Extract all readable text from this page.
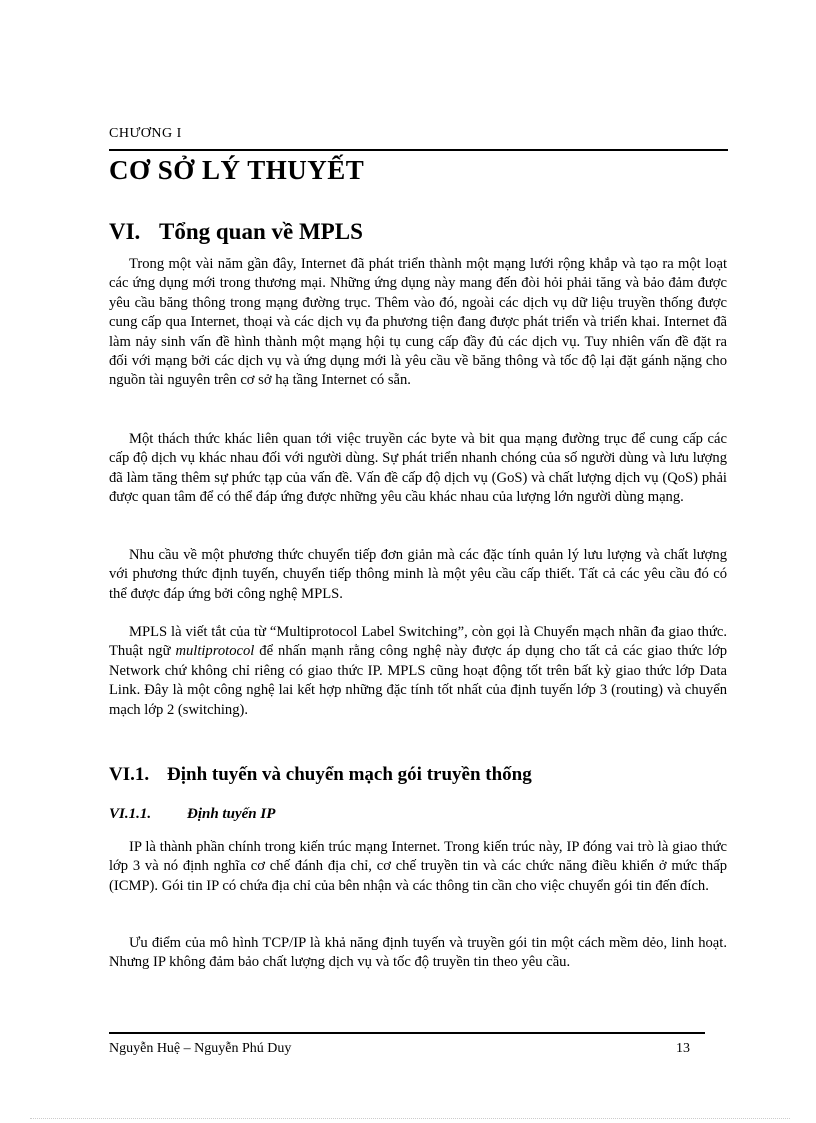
CHƯƠNG I
CƠ SỞ LÝ THUYẾT
VI. Tổng quan về MPLS

Trong một vài năm gần đây, Internet đã phát triển thành một mạng lưới rộng khắp và tạo ra một loạt các ứng dụng mới trong thương mại. Những ứng dụng này mang đến đòi hỏi phải tăng và bảo đảm được yêu cầu băng thông trong mạng đường trục. Thêm vào đó, ngoài các dịch vụ dữ liệu truyền thống được cung cấp qua Internet, thoại và các dịch vụ đa phương tiện đang được phát triển và triển khai. Internet đã làm nảy sinh vấn đề hình thành một mạng hội tụ cung cấp đầy đủ các dịch vụ. Tuy nhiên vấn đề đặt ra đối với mạng bởi các dịch vụ và ứng dụng mới là yêu cầu về băng thông và tốc độ lại đặt gánh nặng cho nguồn tài nguyên trên cơ sở hạ tầng Internet có sẵn.

Một thách thức khác liên quan tới việc truyền các byte và bit qua mạng đường trục để cung cấp các cấp độ dịch vụ khác nhau đối với người dùng. Sự phát triển nhanh chóng của số người dùng và lưu lượng đã làm tăng thêm sự phức tạp của vấn đề. Vấn đề cấp độ dịch vụ (GoS) và chất lượng dịch vụ (QoS) phải được quan tâm để có thể đáp ứng được những yêu cầu khác nhau của lượng lớn người dùng mạng.

Nhu cầu về một phương thức chuyển tiếp đơn giản mà các đặc tính quản lý lưu lượng và chất lượng với phương thức định tuyến, chuyển tiếp thông minh là một yêu cầu cấp thiết. Tất cả các yêu cầu đó có thể được đáp ứng bởi công nghệ MPLS.

MPLS là viết tắt của từ “Multiprotocol Label Switching”, còn gọi là Chuyển mạch nhãn đa giao thức. Thuật ngữ multiprotocol để nhấn mạnh rằng công nghệ này được áp dụng cho tất cả các giao thức lớp Network chứ không chỉ riêng có giao thức IP. MPLS cũng hoạt động tốt trên bất kỳ giao thức lớp Data Link. Đây là một công nghệ lai kết hợp những đặc tính tốt nhất của định tuyến lớp 3 (routing) và chuyển mạch lớp 2 (switching).

VI.1. Định tuyến và chuyển mạch gói truyền thống
VI.1.1. Định tuyến IP

IP là thành phần chính trong kiến trúc mạng Internet. Trong kiến trúc này, IP đóng vai trò là giao thức lớp 3 và nó định nghĩa cơ chế đánh địa chỉ, cơ chế truyền tin và các chức năng điều khiển ở mức thấp (ICMP). Gói tin IP có chứa địa chỉ của bên nhận và các thông tin cần cho việc chuyển gói tin đến đích.

Ưu điểm của mô hình TCP/IP là khả năng định tuyến và truyền gói tin một cách mềm dẻo, linh hoạt. Nhưng IP không đảm bảo chất lượng dịch vụ và tốc độ truyền tin theo yêu cầu.

Nguyễn Huệ – Nguyễn Phú Duy	13
